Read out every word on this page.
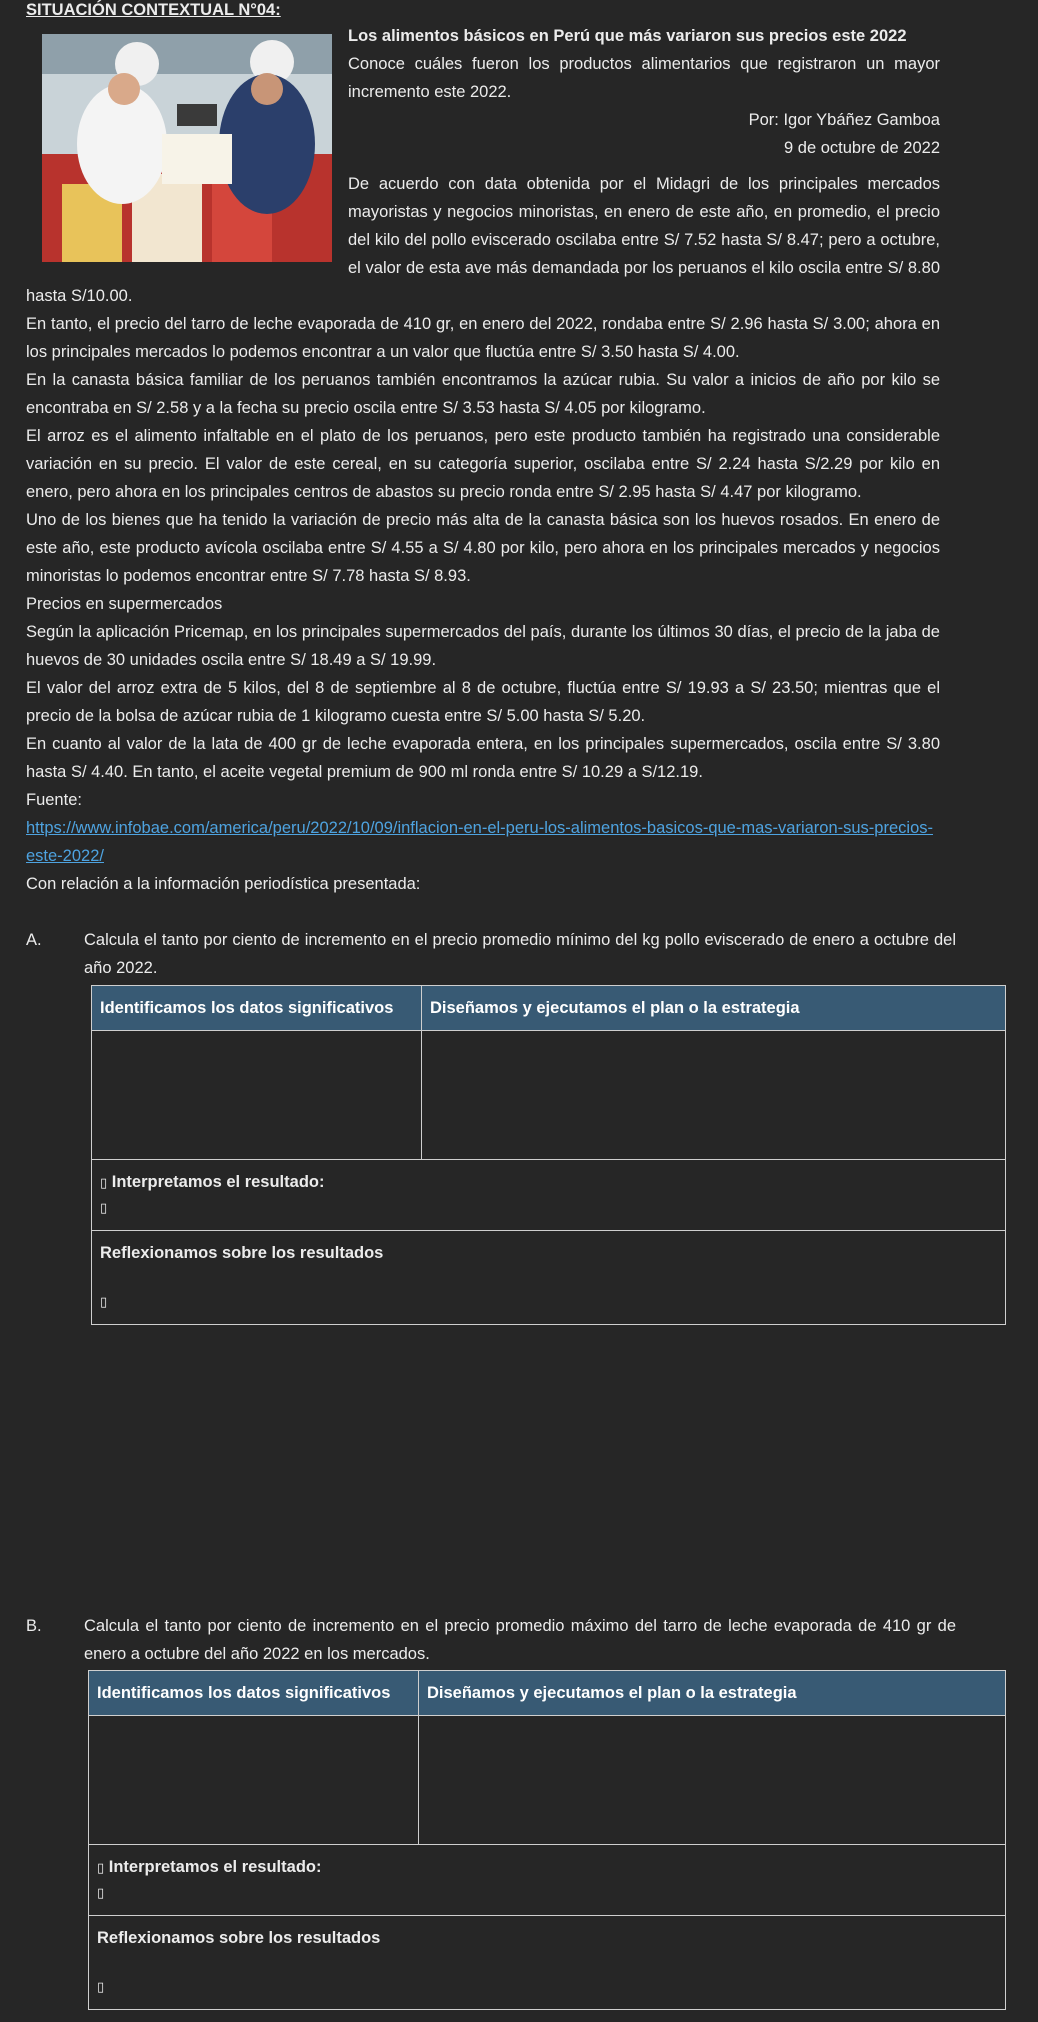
SITUACIÓN CONTEXTUAL N°04:

Los alimentos básicos en Perú que más variaron sus precios este 2022

Conoce cuáles fueron los productos alimentarios que registraron un mayor incremento este 2022.

Por: Igor Ybáñez Gamboa

9 de octubre de 2022

De acuerdo con data obtenida por el Midagri de los principales mercados mayoristas y negocios minoristas, en enero de este año, en promedio, el precio del kilo del pollo eviscerado oscilaba entre S/ 7.52 hasta S/ 8.47; pero a octubre, el valor de esta ave más demandada por los peruanos el kilo oscila entre S/ 8.80 hasta S/10.00.

En tanto, el precio del tarro de leche evaporada de 410 gr, en enero del 2022, rondaba entre S/ 2.96 hasta S/ 3.00; ahora en los principales mercados lo podemos encontrar a un valor que fluctúa entre S/ 3.50 hasta S/ 4.00.

En la canasta básica familiar de los peruanos también encontramos la azúcar rubia. Su valor a inicios de año por kilo se encontraba en S/ 2.58 y a la fecha su precio oscila entre S/ 3.53 hasta S/ 4.05 por kilogramo.

El arroz es el alimento infaltable en el plato de los peruanos, pero este producto también ha registrado una considerable variación en su precio. El valor de este cereal, en su categoría superior, oscilaba entre S/ 2.24 hasta S/2.29 por kilo en enero, pero ahora en los principales centros de abastos su precio ronda entre S/ 2.95 hasta S/ 4.47 por kilogramo.

Uno de los bienes que ha tenido la variación de precio más alta de la canasta básica son los huevos rosados. En enero de este año, este producto avícola oscilaba entre S/ 4.55 a S/ 4.80 por kilo, pero ahora en los principales mercados y negocios minoristas lo podemos encontrar entre S/ 7.78 hasta S/ 8.93.

Precios en supermercados

Según la aplicación Pricemap, en los principales supermercados del país, durante los últimos 30 días, el precio de la jaba de huevos de 30 unidades oscila entre S/ 18.49 a S/ 19.99.

El valor del arroz extra de 5 kilos, del 8 de septiembre al 8 de octubre, fluctúa entre S/ 19.93 a S/ 23.50; mientras que el precio de la bolsa de azúcar rubia de 1 kilogramo cuesta entre S/ 5.00 hasta S/ 5.20.

En cuanto al valor de la lata de 400 gr de leche evaporada entera, en los principales supermercados, oscila entre S/ 3.80 hasta S/ 4.40. En tanto, el aceite vegetal premium de 900 ml ronda entre S/ 10.29 a S/12.19.

Fuente:

https://www.infobae.com/america/peru/2022/10/09/inflacion-en-el-peru-los-alimentos-basicos-que-mas-variaron-sus-precios-este-2022/

Con relación a la información periodística presentada:

A.	Calcula el tanto por ciento de incremento en el precio promedio mínimo del kg pollo eviscerado de enero a octubre del año 2022.
Identificamos los datos significativos	Diseñamos y ejecutamos el plan o la estrategia

▯ Interpretamos el resultado:
▯	
Reflexionamos sobre los resultados

▯	
B.	Calcula el tanto por ciento de incremento en el precio promedio máximo del tarro de leche evaporada de 410 gr de enero a octubre del año 2022 en los mercados.
Identificamos los datos significativos	Diseñamos y ejecutamos el plan o la estrategia

▯ Interpretamos el resultado:
▯	
Reflexionamos sobre los resultados

▯	
